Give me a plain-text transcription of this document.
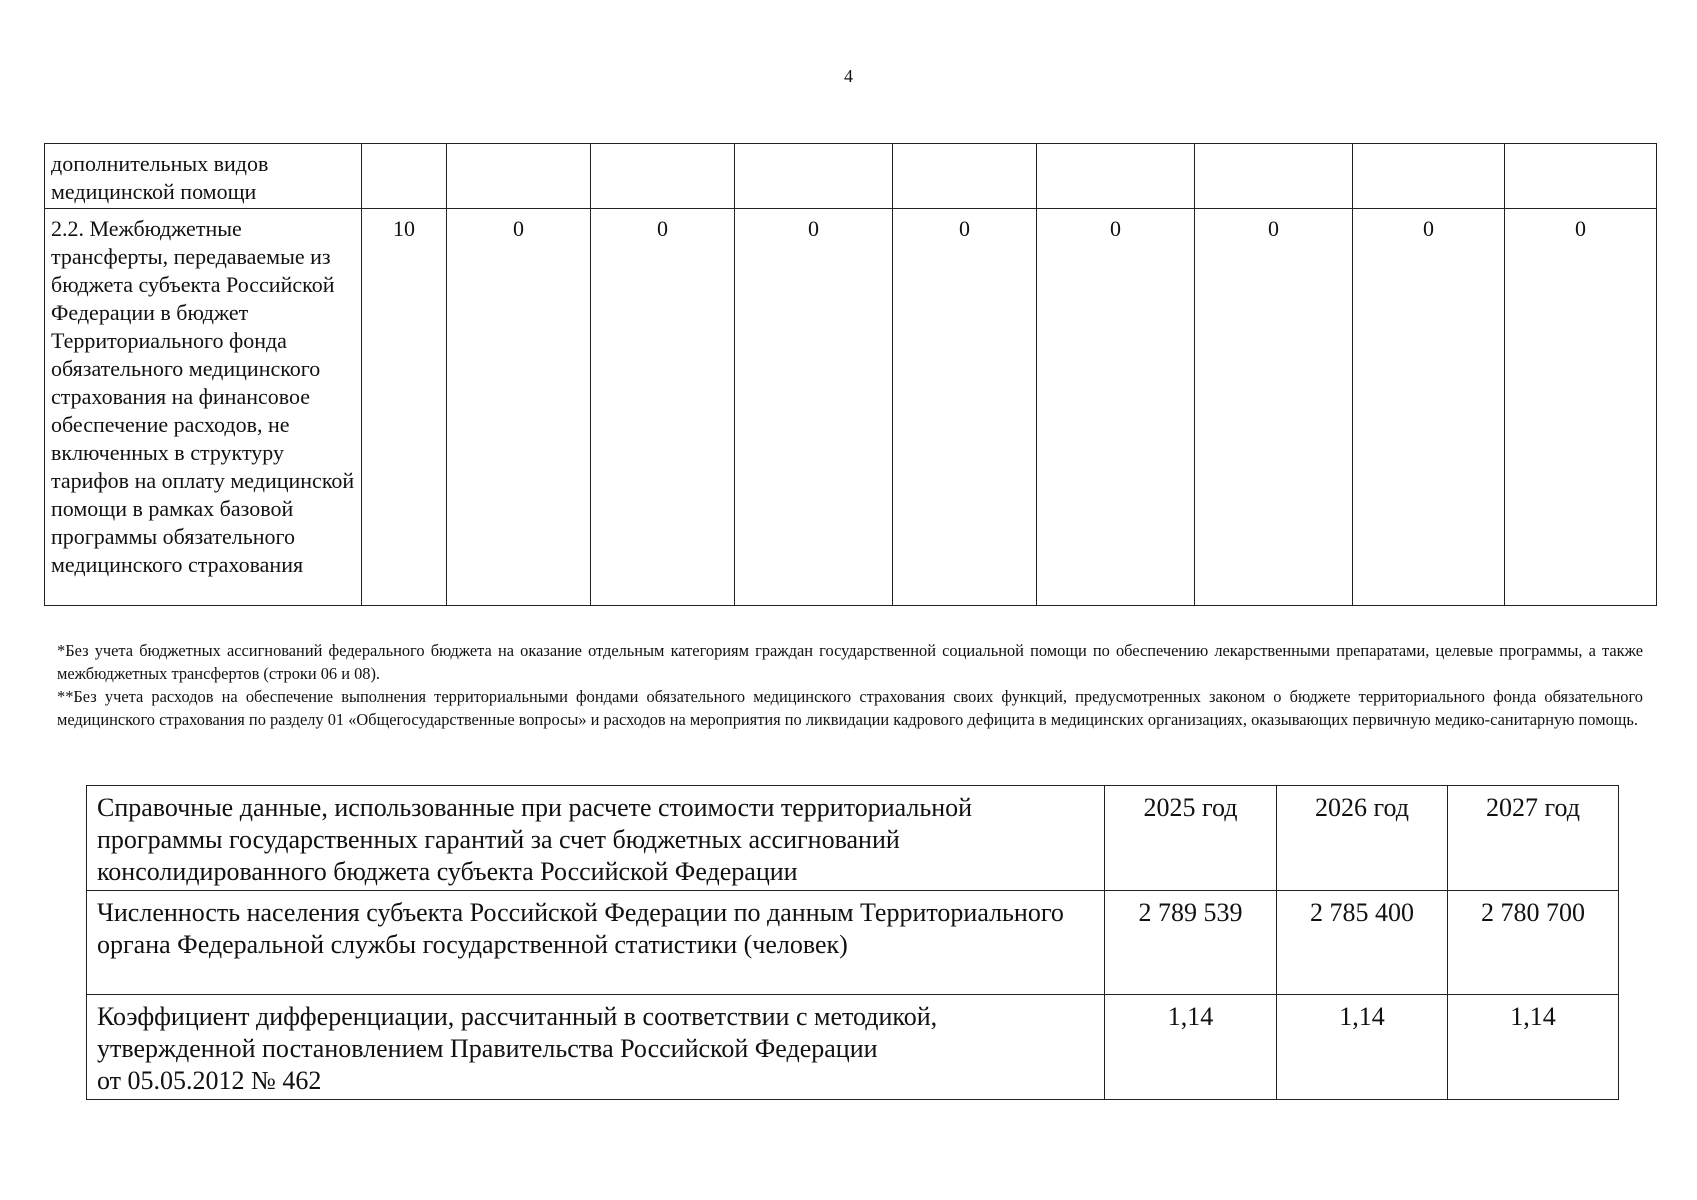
4
дополнительных видов медицинской помощи									
2.2. Межбюджетные трансферты, передаваемые из бюджета субъекта Российской Федерации в бюджет Территориального фонда обязательного медицинского страхования на финансовое обеспечение расходов, не включенных в структуру тарифов на оплату медицинской помощи в рамках базовой программы обязательного медицинского страхования	10	0	0	0	0	0	0	0	0

*Без учета бюджетных ассигнований федерального бюджета на оказание отдельным категориям граждан государственной социальной помощи по обеспечению лекарственными препаратами, целевые программы, а также межбюджетных трансфертов (строки 06 и 08).

**Без учета расходов на обеспечение выполнения территориальными фондами обязательного медицинского страхования своих функций, предусмотренных законом о бюджете территориального фонда обязательного медицинского страхования по разделу 01 «Общегосударственные вопросы» и расходов на мероприятия по ликвидации кадрового дефицита в медицинских организациях, оказывающих первичную медико-санитарную помощь.

Справочные данные, использованные при расчете стоимости территориальной программы государственных гарантий за счет бюджетных ассигнований консолидированного бюджета субъекта Российской Федерации	2025 год	2026 год	2027 год
Численность населения субъекта Российской Федерации по данным Территориального органа Федеральной службы государственной статистики (человек)	2 789 539	2 785 400	2 780 700
Коэффициент дифференциации, рассчитанный в соответствии с методикой, утвержденной постановлением Правительства Российской Федерации
от 05.05.2012 № 462	1,14	1,14	1,14
